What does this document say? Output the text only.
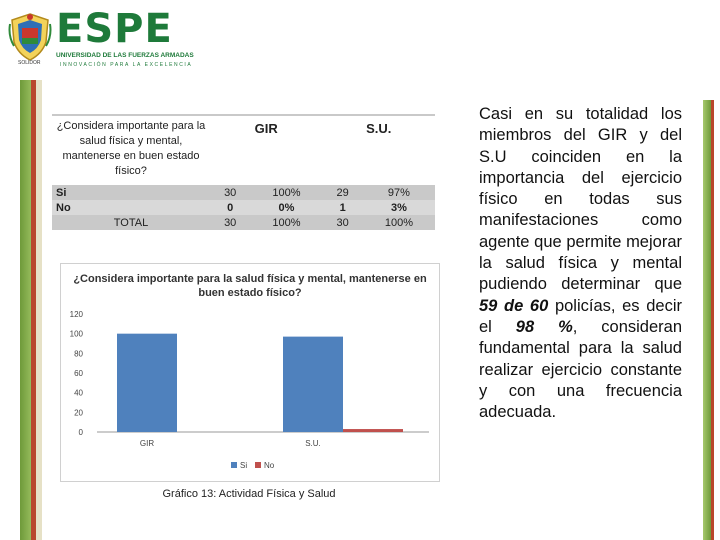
SOLIDOR
ESPE
UNIVERSIDAD DE LAS FUERZAS ARMADAS
INNOVACIÓN PARA LA EXCELENCIA
¿Considera importante para la salud física y mental, mantenerse en buen estado físico?	GIR		S.U.	
Si	30	100%	29	97%
No	0	0%	1	3%
TOTAL	30	100%	30	100%
¿Considera importante para la salud física y mental, mantenerse en buen estado físico?
0
20
40
60
80
100
120
GIR	S.U.
Si No
Gráfico 13: Actividad Física y Salud
Casi en su totalidad los miembros del GIR y del S.U coinciden en la importancia del ejercicio físico en todas sus manifestaciones como agente que permite mejorar la salud física y mental pudiendo determinar que 59 de 60 policías, es decir el 98 %, consideran fundamental para la salud realizar ejercicio constante y con una frecuencia adecuada.
